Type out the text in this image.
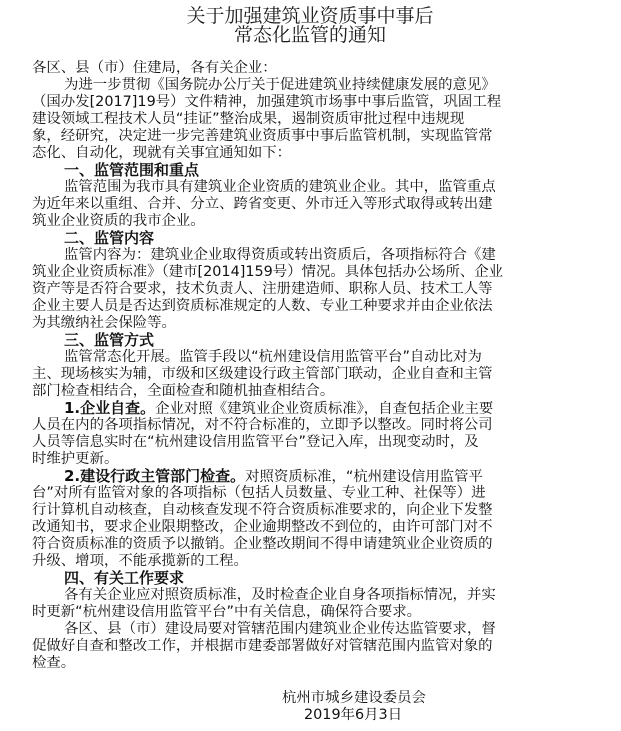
关于加强建筑业资质事中事后
常态化监管的通知
各区、县（市）住建局，各有关企业：
为进一步贯彻《国务院办公厅关于促进建筑业持续健康发展的意见》
（国办发[2017]19号）文件精神，加强建筑市场事中事后监管，巩固工程
建设领域工程技术人员“挂证”整治成果，遏制资质审批过程中违规现
象，经研究，决定进一步完善建筑业资质事中事后监管机制，实现监管常
态化、自动化，现就有关事宜通知如下：
一、监管范围和重点
监管范围为我市具有建筑业企业资质的建筑业企业。其中，监管重点
为近年来以重组、合并、分立、跨省变更、外市迁入等形式取得或转出建
筑业企业资质的我市企业。
二、监管内容
监管内容为：建筑业企业取得资质或转出资质后，各项指标符合《建
筑业企业资质标准》（建市[2014]159号）情况。具体包括办公场所、企业
资产等是否符合要求，技术负责人、注册建造师、职称人员、技术工人等
企业主要人员是否达到资质标准规定的人数、专业工种要求并由企业依法
为其缴纳社会保险等。
三、监管方式
监管常态化开展。监管手段以“杭州建设信用监管平台”自动比对为
主、现场核实为辅，市级和区级建设行政主管部门联动，企业自查和主管
部门检查相结合，全面检查和随机抽查相结合。
1.企业自查。企业对照《建筑业企业资质标准》，自查包括企业主要
人员在内的各项指标情况，对不符合标准的，立即予以整改。同时将公司
人员等信息实时在“杭州建设信用监管平台”登记入库，出现变动时，及
时维护更新。
2.建设行政主管部门检查。对照资质标准，“杭州建设信用监管平
台”对所有监管对象的各项指标（包括人员数量、专业工种、社保等）进
行计算机自动核查，自动核查发现不符合资质标准要求的，向企业下发整
改通知书，要求企业限期整改，企业逾期整改不到位的，由许可部门对不
符合资质标准的资质予以撤销。企业整改期间不得申请建筑业企业资质的
升级、增项，不能承揽新的工程。
四、有关工作要求
各有关企业应对照资质标准，及时检查企业自身各项指标情况，并实
时更新“杭州建设信用监管平台”中有关信息，确保符合要求。
各区、县（市）建设局要对管辖范围内建筑业企业传达监管要求，督
促做好自查和整改工作，并根据市建委部署做好对管辖范围内监管对象的
检查。
杭州市城乡建设委员会
2019年6月3日
